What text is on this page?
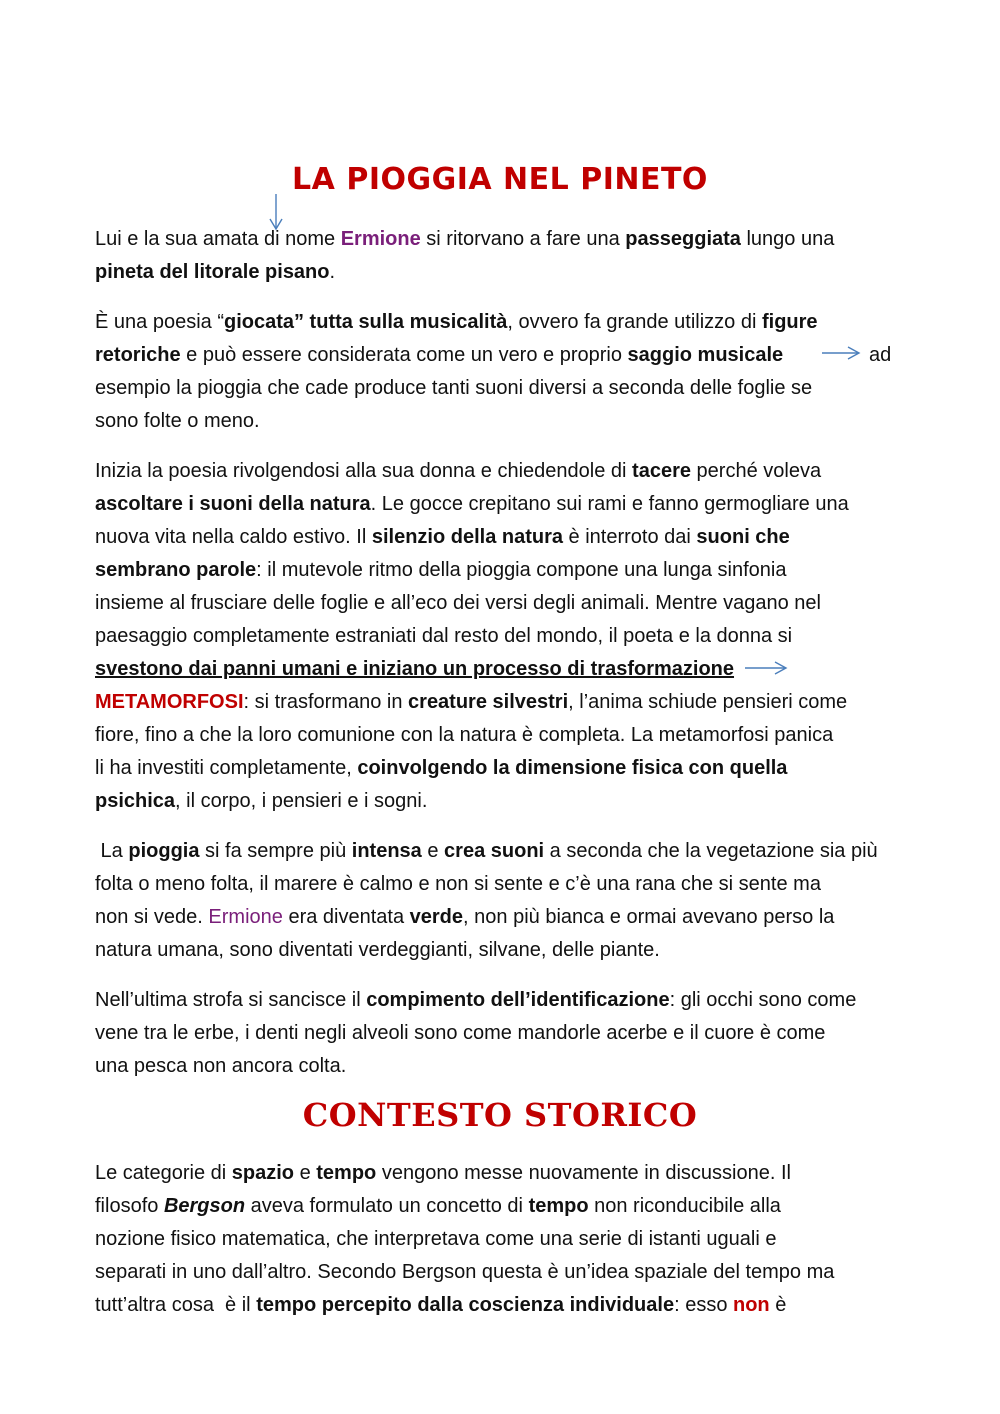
LA PIOGGIA NEL PINETO
Lui e la sua amata di nome Ermione si ritorvano a fare una passeggiata lungo una
pineta del litorale pisano.
È una poesia “giocata” tutta sulla musicalità, ovvero fa grande utilizzo di figure
retoriche e può essere considerata come un vero e proprio saggio musicale	ad
esempio la pioggia che cade produce tanti suoni diversi a seconda delle foglie se
sono folte o meno.
Inizia la poesia rivolgendosi alla sua donna e chiedendole di tacere perché voleva
ascoltare i suoni della natura. Le gocce crepitano sui rami e fanno germogliare una
nuova vita nella caldo estivo. Il silenzio della natura è interroto dai suoni che
sembrano parole: il mutevole ritmo della pioggia compone una lunga sinfonia
insieme al frusciare delle foglie e all’eco dei versi degli animali. Mentre vagano nel
paesaggio completamente estraniati dal resto del mondo, il poeta e la donna si
svestono dai panni umani e iniziano un processo di trasformazione
METAMORFOSI: si trasformano in creature silvestri, l’anima schiude pensieri come
fiore, fino a che la loro comunione con la natura è completa. La metamorfosi panica
li ha investiti completamente, coinvolgendo la dimensione fisica con quella
psichica, il corpo, i pensieri e i sogni.
La pioggia si fa sempre più intensa e crea suoni a seconda che la vegetazione sia più
folta o meno folta, il marere è calmo e non si sente e c’è una rana che si sente ma
non si vede. Ermione era diventata verde, non più bianca e ormai avevano perso la
natura umana, sono diventati verdeggianti, silvane, delle piante.
Nell’ultima strofa si sancisce il compimento dell’identificazione: gli occhi sono come
vene tra le erbe, i denti negli alveoli sono come mandorle acerbe e il cuore è come
una pesca non ancora colta.
CONTESTO STORICO
Le categorie di spazio e tempo vengono messe nuovamente in discussione. Il
filosofo Bergson aveva formulato un concetto di tempo non riconducibile alla
nozione fisico matematica, che interpretava come una serie di istanti uguali e
separati in uno dall’altro. Secondo Bergson questa è un’idea spaziale del tempo ma
tutt’altra cosa  è il tempo percepito dalla coscienza individuale: esso non è
